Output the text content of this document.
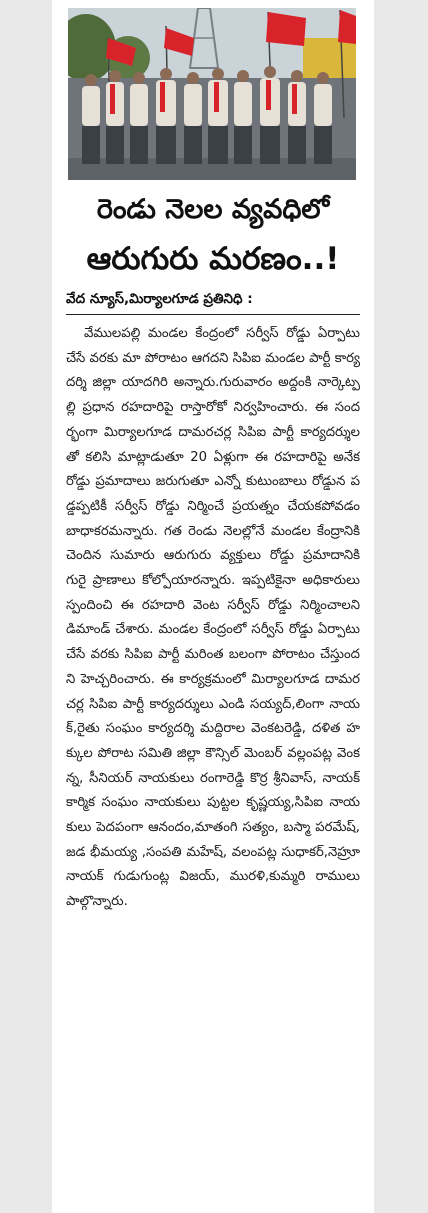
రెండు నెలల వ్యవధిలో
ఆరుగురు మరణం..!
వేద న్యూస్,మిర్యాలగూడ ప్రతినిధి :
వేములపల్లి మండల కేంద్రంలో సర్వీస్ రోడ్డు ఏర్పాటు చేసే వరకు మా పోరాటం ఆగదని సిపిఐ మండల పార్టీ కార్యదర్శి జిల్లా యాదగిరి అన్నారు.గురువారం అద్దంకి నార్కెట్పల్లి ప్రధాన రహదారిపై రాస్తారోకో నిర్వహించారు. ఈ సందర్భంగా మిర్యాలగూడ దామరచర్ల సిపిఐ పార్టీ కార్యదర్శులతో కలిసి మాట్లాడుతూ 20 ఏళ్లుగా ఈ రహదారిపై అనేక రోడ్డు ప్రమాదాలు జరుగుతూ ఎన్నో కుటుంబాలు రోడ్డున పడ్డప్పటికీ సర్వీస్ రోడ్డు నిర్మించే ప్రయత్నం చేయకపోవడం బాధాకరమన్నారు. గత రెండు నెలల్లోనే మండల కేంద్రానికి చెందిన సుమారు ఆరుగురు వ్యక్తులు రోడ్డు ప్రమాదానికి గురై ప్రాణాలు కోల్పోయారన్నారు. ఇప్పటికైనా అధికారులు స్పందించి ఈ రహదారి వెంట సర్వీస్ రోడ్డు నిర్మించాలని డిమాండ్ చేశారు. మండల కేంద్రంలో సర్వీస్ రోడ్డు ఏర్పాటు చేసే వరకు సిపిఐ పార్టీ మరింత బలంగా పోరాటం చేస్తుందని హెచ్చరించారు. ఈ కార్యక్రమంలో మిర్యాలగూడ దామరచర్ల సిపిఐ పార్టీ కార్యదర్శులు ఎండి సయ్యద్,లింగా నాయక్,రైతు సంఘం కార్యదర్శి మద్దిరాల వెంకటరెడ్డి, దళిత హక్కుల పోరాట సమితి జిల్లా కౌన్సిల్ మెంబర్ వల్లంపట్ల వెంకన్న, సీనియర్ నాయకులు రంగారెడ్డి కొర్ర శ్రీనివాస్, నాయక్ కార్మిక సంఘం నాయకులు పుట్టల కృష్ణయ్య,సిపిఐ నాయకులు పెదపంగా ఆనందం,మాతంగి సత్యం, బస్మా పరమేష్,జడ భీమయ్య ,సంపతి మహేష్, వలంపట్ల సుధాకర్,నెహ్రూ నాయక్ గుడుగుంట్ల విజయ్, మురళి,కుమ్మరి రాములు పాల్గొన్నారు.
